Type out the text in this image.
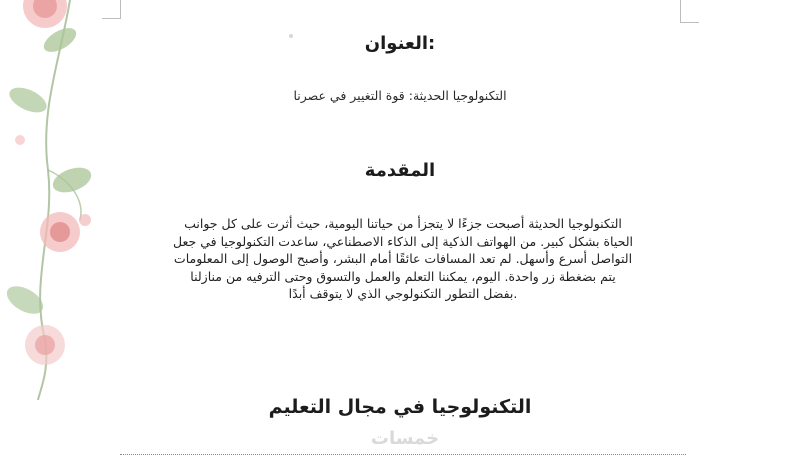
:العنوان
التكنولوجيا الحديثة: قوة التغيير في عصرنا
المقدمة

التكنولوجيا الحديثة أصبحت جزءًا لا يتجزأ من حياتنا اليومية، حيث أثرت على كل جوانب
الحياة بشكل كبير. من الهواتف الذكية إلى الذكاء الاصطناعي، ساعدت التكنولوجيا في جعل
التواصل أسرع وأسهل. لم تعد المسافات عائقًا أمام البشر، وأصبح الوصول إلى المعلومات
يتم بضغطة زر واحدة. اليوم، يمكننا التعلم والعمل والتسوق وحتى الترفيه من منازلنا
.بفضل التطور التكنولوجي الذي لا يتوقف أبدًا

التكنولوجيا في مجال التعليم
خمسات
